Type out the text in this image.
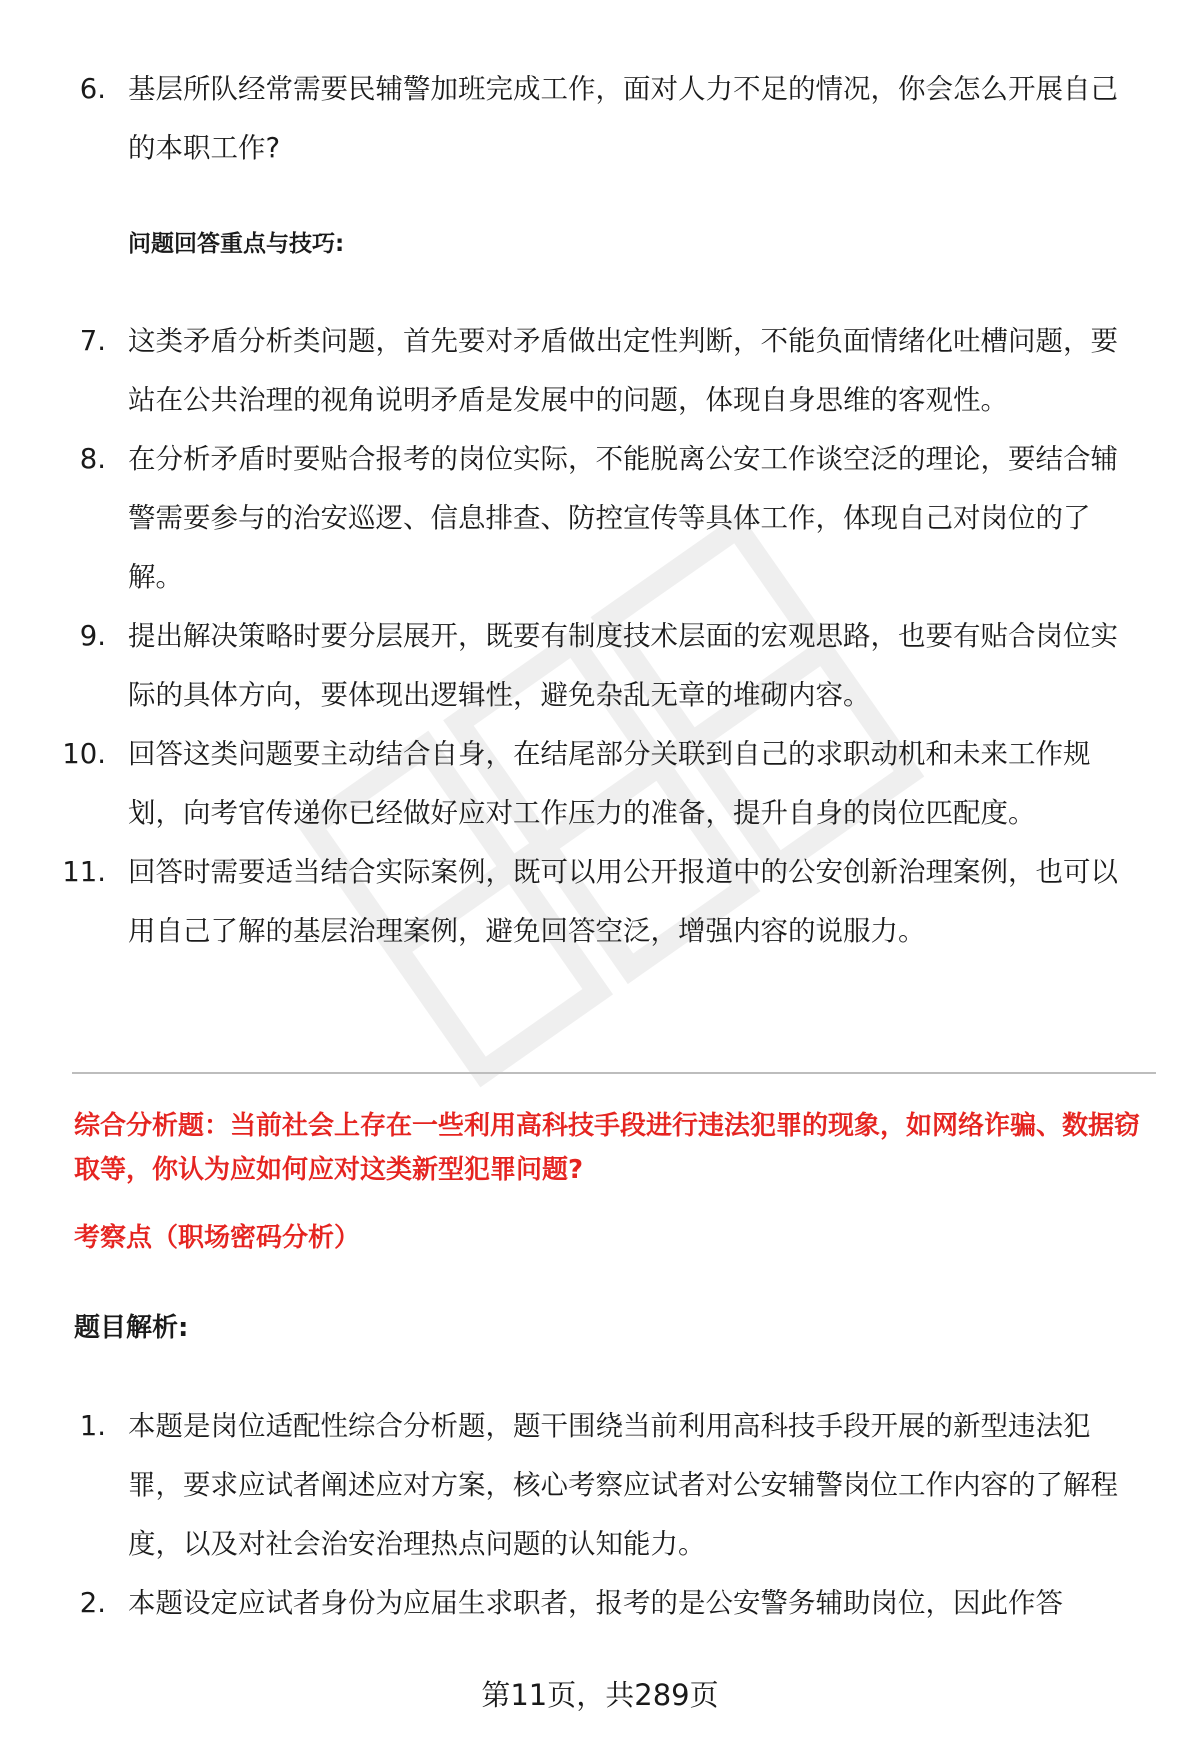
6. 基层所队经常需要民辅警加班完成工作，面对人力不足的情况，你会怎么开展自己的本职工作?
问题回答重点与技巧:
7. 这类矛盾分析类问题，首先要对矛盾做出定性判断，不能负面情绪化吐槽问题，要站在公共治理的视角说明矛盾是发展中的问题，体现自身思维的客观性。
8. 在分析矛盾时要贴合报考的岗位实际，不能脱离公安工作谈空泛的理论，要结合辅警需要参与的治安巡逻、信息排查、防控宣传等具体工作，体现自己对岗位的了解。
9. 提出解决策略时要分层展开，既要有制度技术层面的宏观思路，也要有贴合岗位实际的具体方向，要体现出逻辑性，避免杂乱无章的堆砌内容。
10. 回答这类问题要主动结合自身，在结尾部分关联到自己的求职动机和未来工作规划，向考官传递你已经做好应对工作压力的准备，提升自身的岗位匹配度。
11. 回答时需要适当结合实际案例，既可以用公开报道中的公安创新治理案例，也可以用自己了解的基层治理案例，避免回答空泛，增强内容的说服力。
综合分析题：当前社会上存在一些利用高科技手段进行违法犯罪的现象，如网络诈骗、数据窃取等，你认为应如何应对这类新型犯罪问题?
考察点（职场密码分析）
题目解析:
1. 本题是岗位适配性综合分析题，题干围绕当前利用高科技手段开展的新型违法犯罪，要求应试者阐述应对方案，核心考察应试者对公安辅警岗位工作内容的了解程度，以及对社会治安治理热点问题的认知能力。
2. 本题设定应试者身份为应届生求职者，报考的是公安警务辅助岗位，因此作答
第11页，共289页
